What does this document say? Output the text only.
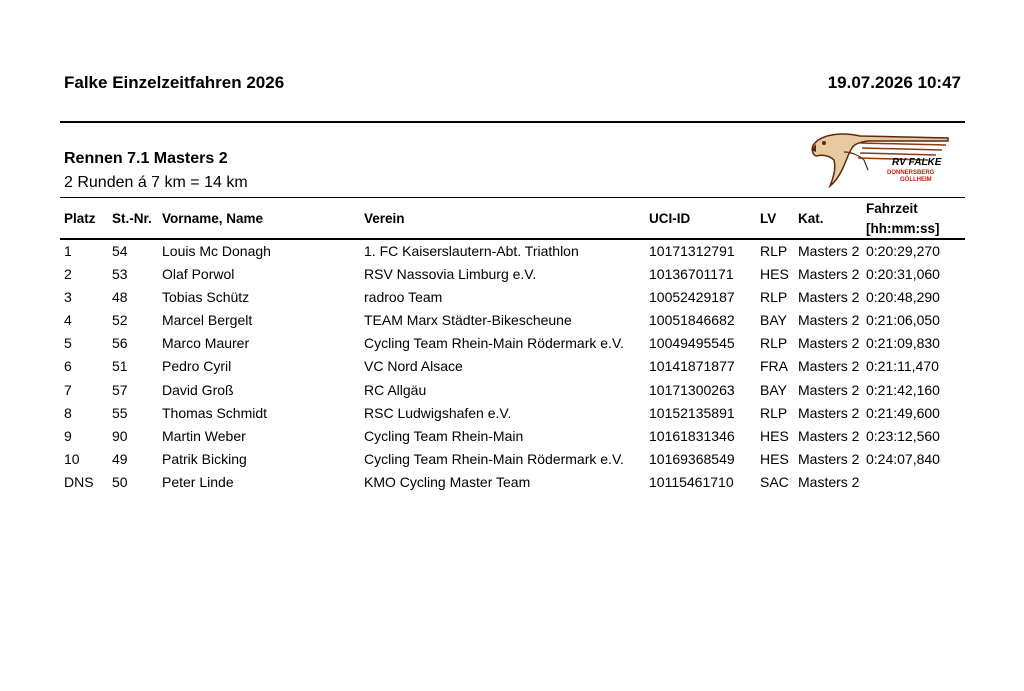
Falke Einzelzeitfahren 2026	19.07.2026 10:47
Rennen 7.1 Masters 2
2 Runden á 7 km = 14 km
RV FALKE
DONNERSBERG
GÖLLHEIM
Platz St.-Nr. Vorname, Name	Verein	UCI-ID	LV Kat.
Fahrzeit
[hh:mm:ss]
1	54 Louis Mc Donagh	1. FC Kaiserslautern-Abt. Triathlon	10171312791 RLP Masters 2 0:20:29,270
2	53 Olaf Porwol	RSV Nassovia Limburg e.V.	10136701171 HES Masters 2 0:20:31,060
3	48 Tobias Schütz	radroo Team	10052429187 RLP Masters 2 0:20:48,290
4	52 Marcel Bergelt	TEAM Marx Städter-Bikescheune	10051846682 BAY Masters 2 0:21:06,050
5	56 Marco Maurer	Cycling Team Rhein-Main Rödermark e.V. 10049495545 RLP Masters 2 0:21:09,830
6	51 Pedro Cyril	VC Nord Alsace	10141871877 FRA Masters 2 0:21:11,470
7	57 David Groß	RC Allgäu	10171300263 BAY Masters 2 0:21:42,160
8	55 Thomas Schmidt	RSC Ludwigshafen e.V.	10152135891 RLP Masters 2 0:21:49,600
9	90 Martin Weber	Cycling Team Rhein-Main	10161831346 HES Masters 2 0:23:12,560
10 49 Patrik Bicking	Cycling Team Rhein-Main Rödermark e.V. 10169368549 HES Masters 2 0:24:07,840
DNS 50 Peter Linde	KMO Cycling Master Team	10115461710 SAC Masters 2
